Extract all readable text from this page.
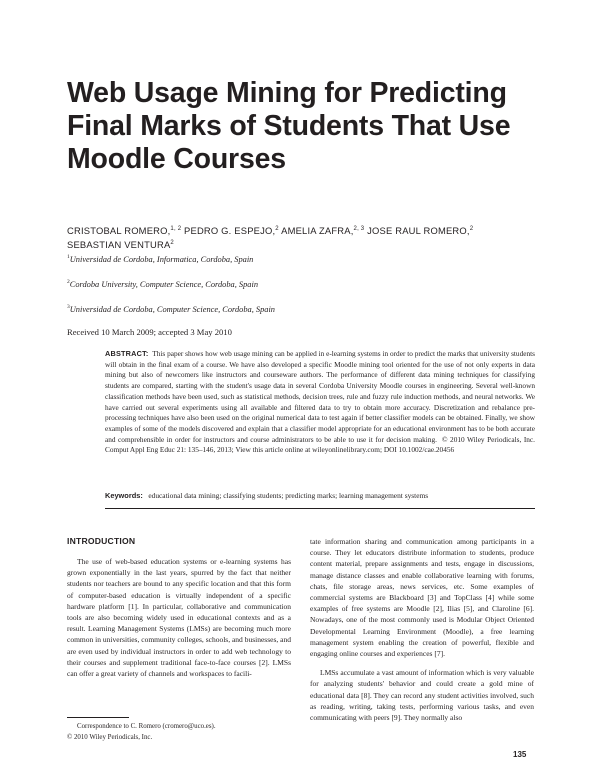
Web Usage Mining for Predicting Final Marks of Students That Use Moodle Courses
CRISTOBAL ROMERO,$^{1, 2}$ PEDRO G. ESPEJO,$^2$ AMELIA ZAFRA,$^{2, 3}$ JOSE RAUL ROMERO,$^2$
SEBASTIAN VENTURA$^2$
$^1$Universidad de Cordoba, Informatica, Cordoba, Spain
$^2$Cordoba University, Computer Science, Cordoba, Spain
$^3$Universidad de Cordoba, Computer Science, Cordoba, Spain
Received 10 March 2009; accepted 3 May 2010
ABSTRACT: This paper shows how web usage mining can be applied in e-learning systems in order to predict the marks that university students will obtain in the final exam of a course. We have also developed a specific Moodle mining tool oriented for the use of not only experts in data mining but also of newcomers like instructors and courseware authors. The performance of different data mining techniques for classifying students are compared, starting with the student's usage data in several Cordoba University Moodle courses in engineering. Several well-known classification methods have been used, such as statistical methods, decision trees, rule and fuzzy rule induction methods, and neural networks. We have carried out several experiments using all available and filtered data to try to obtain more accuracy. Discretization and rebalance pre-processing techniques have also been used on the original numerical data to test again if better classifier models can be obtained. Finally, we show examples of some of the models discovered and explain that a classifier model appropriate for an educational environment has to be both accurate and comprehensible in order for instructors and course administrators to be able to use it for decision making. © 2010 Wiley Periodicals, Inc. Comput Appl Eng Educ 21: 135–146, 2013; View this article online at wileyonlinelibrary.com; DOI 10.1002/cae.20456
Keywords: educational data mining; classifying students; predicting marks; learning management systems
INTRODUCTION

The use of web-based education systems or e-learning systems has grown exponentially in the last years, spurred by the fact that neither students nor teachers are bound to any specific location and that this form of computer-based education is virtually independent of a specific hardware platform [1]. In particular, collaborative and communication tools are also becoming widely used in educational contexts and as a result. Learning Management Systems (LMSs) are becoming much more common in universities, community colleges, schools, and businesses, and are even used by individual instructors in order to add web technology to their courses and supplement traditional face-to-face courses [2]. LMSs can offer a great variety of channels and workspaces to facili-

tate information sharing and communication among participants in a course. They let educators distribute information to students, produce content material, prepare assignments and tests, engage in discussions, manage distance classes and enable collaborative learning with forums, chats, file storage areas, news services, etc. Some examples of commercial systems are Blackboard [3] and TopClass [4] while some examples of free systems are Moodle [2], Ilias [5], and Claroline [6]. Nowadays, one of the most commonly used is Modular Object Oriented Developmental Learning Environment (Moodle), a free learning management system enabling the creation of powerful, flexible and engaging online courses and experiences [7].

LMSs accumulate a vast amount of information which is very valuable for analyzing students' behavior and could create a gold mine of educational data [8]. They can record any student activities involved, such as reading, writing, taking tests, performing various tasks, and even communicating with peers [9]. They normally also

Correspondence to C. Romero (cromero@uco.es).
© 2010 Wiley Periodicals, Inc.
135
